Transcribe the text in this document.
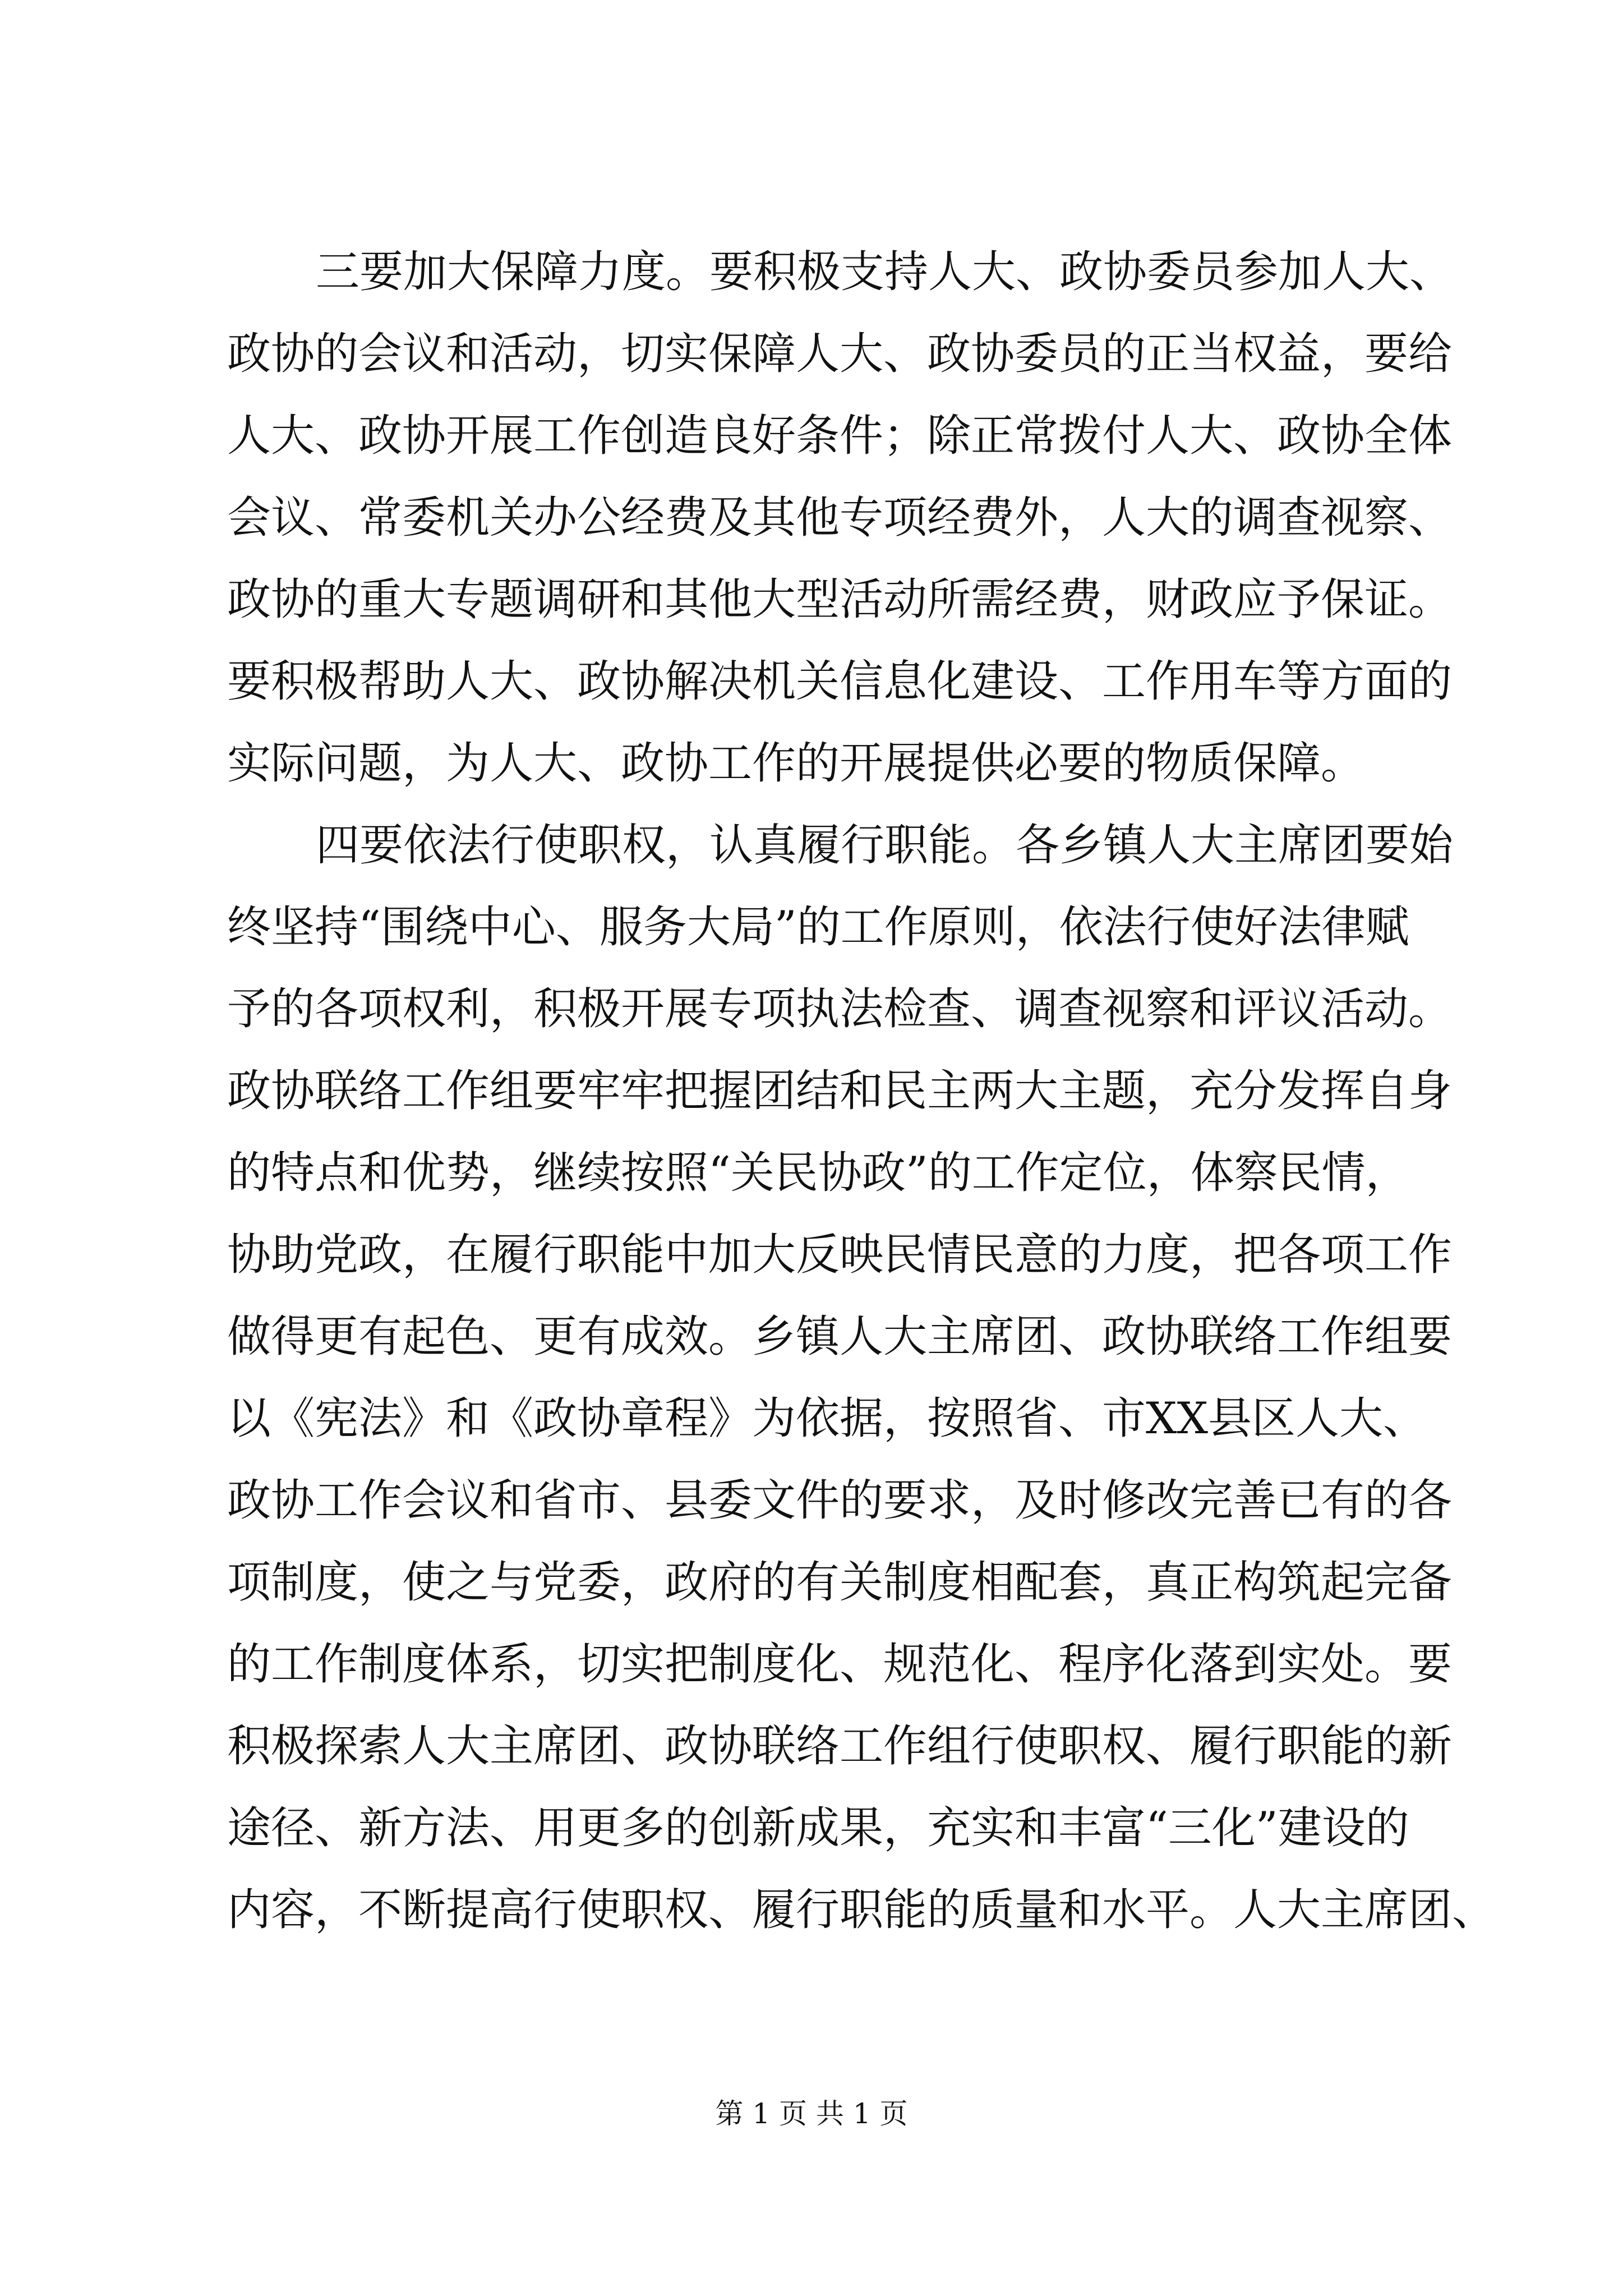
三要加大保障力度。要积极支持人大、政协委员参加人大、
政协的会议和活动，切实保障人大、政协委员的正当权益，要给
人大、政协开展工作创造良好条件；除正常拨付人大、政协全体
会议、常委机关办公经费及其他专项经费外，人大的调查视察、
政协的重大专题调研和其他大型活动所需经费，财政应予保证。
要积极帮助人大、政协解决机关信息化建设、工作用车等方面的
实际问题，为人大、政协工作的开展提供必要的物质保障。
四要依法行使职权，认真履行职能。各乡镇人大主席团要始
终坚持“围绕中心、服务大局”的工作原则，依法行使好法律赋
予的各项权利，积极开展专项执法检查、调查视察和评议活动。
政协联络工作组要牢牢把握团结和民主两大主题，充分发挥自身
的特点和优势，继续按照“关民协政”的工作定位，体察民情，
协助党政，在履行职能中加大反映民情民意的力度，把各项工作
做得更有起色、更有成效。乡镇人大主席团、政协联络工作组要
以《宪法》和《政协章程》为依据，按照省、市XX县区人大、
政协工作会议和省市、县委文件的要求，及时修改完善已有的各
项制度，使之与党委，政府的有关制度相配套，真正构筑起完备
的工作制度体系，切实把制度化、规范化、程序化落到实处。要
积极探索人大主席团、政协联络工作组行使职权、履行职能的新
途径、新方法、用更多的创新成果，充实和丰富“三化”建设的
内容，不断提高行使职权、履行职能的质量和水平。人大主席团、
第 1 页 共 1 页
